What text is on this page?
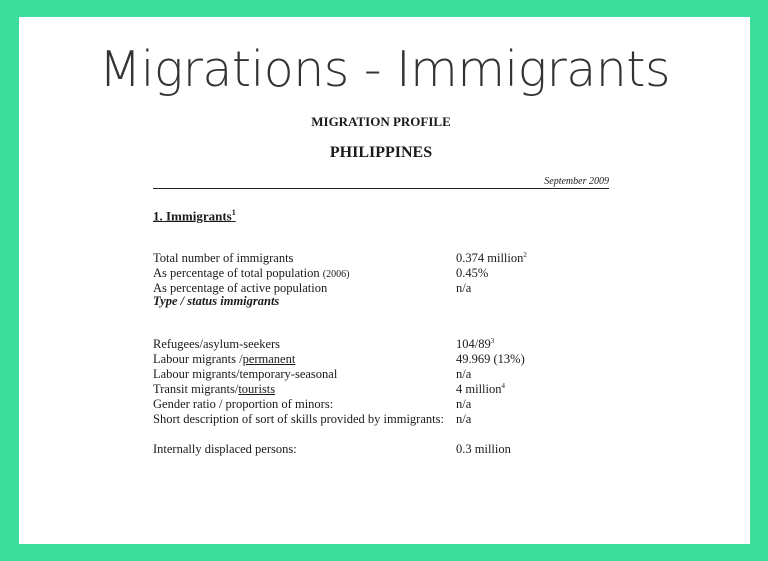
Migrations - Immigrants
MIGRATION PROFILE
PHILIPPINES
September 2009
1. Immigrants$^1$
Total number of immigrants	0.374 million$^2$
As percentage of total population (2006)	0.45%
As percentage of active population	n/a
Type / status immigrants
Refugees/asylum-seekers	$104/89^3$
Labour migrants /permanent	49.969 (13%)
Labour migrants/temporary-seasonal	n/a
Transit migrants/tourists	4 million$^4$
Gender ratio / proportion of minors:	n/a
Short description of sort of skills provided by immigrants: n/a
Internally displaced persons:	0.3 million
